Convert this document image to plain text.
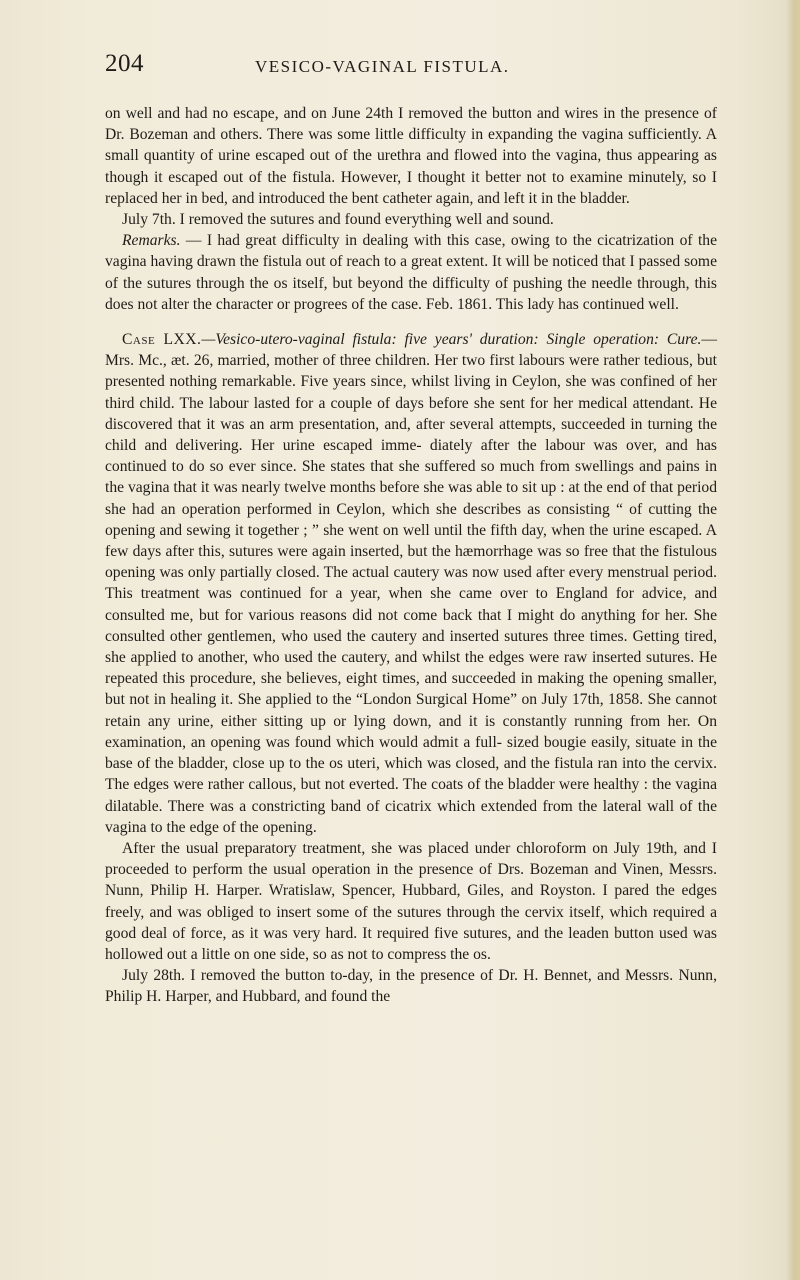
204	VESICO-VAGINAL FISTULA.

on well and had no escape, and on June 24th I removed the button and wires in the presence of Dr. Bozeman and others. There was some little difficulty in expanding the vagina sufficiently. A small quantity of urine escaped out of the urethra and flowed into the vagina, thus appearing as though it escaped out of the fistula. However, I thought it better not to examine minutely, so I replaced her in bed, and introduced the bent catheter again, and left it in the bladder.

July 7th. I removed the sutures and found everything well and sound.

Remarks. — I had great difficulty in dealing with this case, owing to the cicatrization of the vagina having drawn the fistula out of reach to a great extent. It will be noticed that I passed some of the sutures through the os itself, but beyond the difficulty of pushing the needle through, this does not alter the character or progrees of the case. Feb. 1861. This lady has continued well.

Case LXX.—Vesico-utero-vaginal fistula: five years' duration: Single operation: Cure.— Mrs. Mc., æt. 26, married, mother of three children. Her two first labours were rather tedious, but presented nothing remarkable. Five years since, whilst living in Ceylon, she was confined of her third child. The labour lasted for a couple of days before she sent for her medical attendant. He discovered that it was an arm presentation, and, after several attempts, succeeded in turning the child and delivering. Her urine escaped imme- diately after the labour was over, and has continued to do so ever since. She states that she suffered so much from swellings and pains in the vagina that it was nearly twelve months before she was able to sit up : at the end of that period she had an operation performed in Ceylon, which she describes as consisting “ of cutting the opening and sewing it together ; ” she went on well until the fifth day, when the urine escaped. A few days after this, sutures were again inserted, but the hæmorrhage was so free that the fistulous opening was only partially closed. The actual cautery was now used after every menstrual period. This treatment was continued for a year, when she came over to England for advice, and consulted me, but for various reasons did not come back that I might do anything for her. She consulted other gentlemen, who used the cautery and inserted sutures three times. Getting tired, she applied to another, who used the cautery, and whilst the edges were raw inserted sutures. He repeated this procedure, she believes, eight times, and succeeded in making the opening smaller, but not in healing it. She applied to the “London Surgical Home” on July 17th, 1858. She cannot retain any urine, either sitting up or lying down, and it is constantly running from her. On examination, an opening was found which would admit a full- sized bougie easily, situate in the base of the bladder, close up to the os uteri, which was closed, and the fistula ran into the cervix. The edges were rather callous, but not everted. The coats of the bladder were healthy : the vagina dilatable. There was a constricting band of cicatrix which extended from the lateral wall of the vagina to the edge of the opening.

After the usual preparatory treatment, she was placed under chloroform on July 19th, and I proceeded to perform the usual operation in the presence of Drs. Bozeman and Vinen, Messrs. Nunn, Philip H. Harper. Wratislaw, Spencer, Hubbard, Giles, and Royston. I pared the edges freely, and was obliged to insert some of the sutures through the cervix itself, which required a good deal of force, as it was very hard. It required five sutures, and the leaden button used was hollowed out a little on one side, so as not to compress the os.

July 28th. I removed the button to-day, in the presence of Dr. H. Bennet, and Messrs. Nunn, Philip H. Harper, and Hubbard, and found the
